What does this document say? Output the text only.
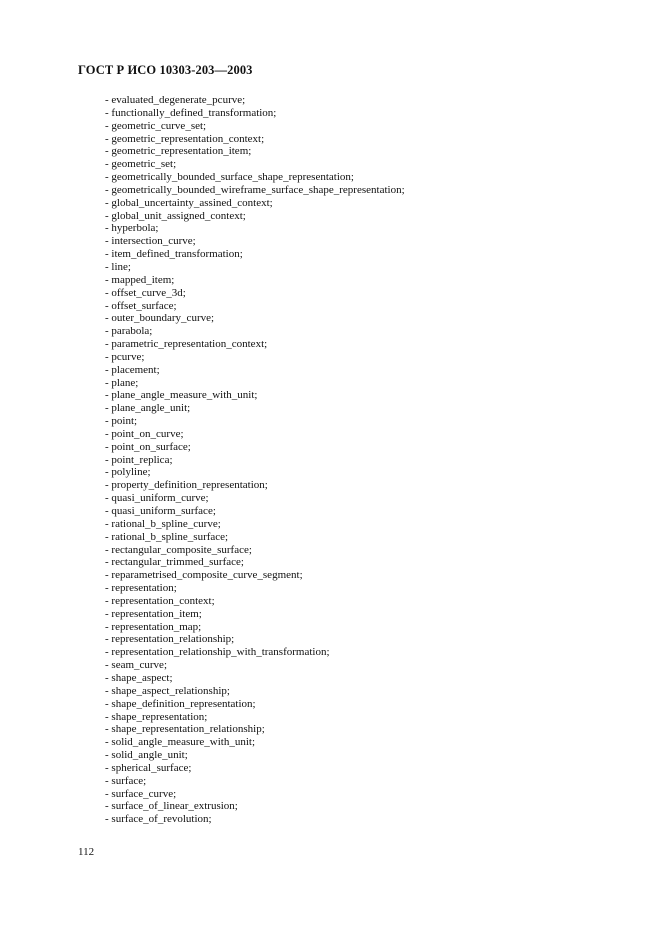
ГОСТ Р ИСО 10303-203—2003
- evaluated_degenerate_pcurve;
- functionally_defined_transformation;
- geometric_curve_set;
- geometric_representation_context;
- geometric_representation_item;
- geometric_set;
- geometrically_bounded_surface_shape_representation;
- geometrically_bounded_wireframe_surface_shape_representation;
- global_uncertainty_assined_context;
- global_unit_assigned_context;
- hyperbola;
- intersection_curve;
- item_defined_transformation;
- line;
- mapped_item;
- offset_curve_3d;
- offset_surface;
- outer_boundary_curve;
- parabola;
- parametric_representation_context;
- pcurve;
- placement;
- plane;
- plane_angle_measure_with_unit;
- plane_angle_unit;
- point;
- point_on_curve;
- point_on_surface;
- point_replica;
- polyline;
- property_definition_representation;
- quasi_uniform_curve;
- quasi_uniform_surface;
- rational_b_spline_curve;
- rational_b_spline_surface;
- rectangular_composite_surface;
- rectangular_trimmed_surface;
- reparametrised_composite_curve_segment;
- representation;
- representation_context;
- representation_item;
- representation_map;
- representation_relationship;
- representation_relationship_with_transformation;
- seam_curve;
- shape_aspect;
- shape_aspect_relationship;
- shape_definition_representation;
- shape_representation;
- shape_representation_relationship;
- solid_angle_measure_with_unit;
- solid_angle_unit;
- spherical_surface;
- surface;
- surface_curve;
- surface_of_linear_extrusion;
- surface_of_revolution;
112
